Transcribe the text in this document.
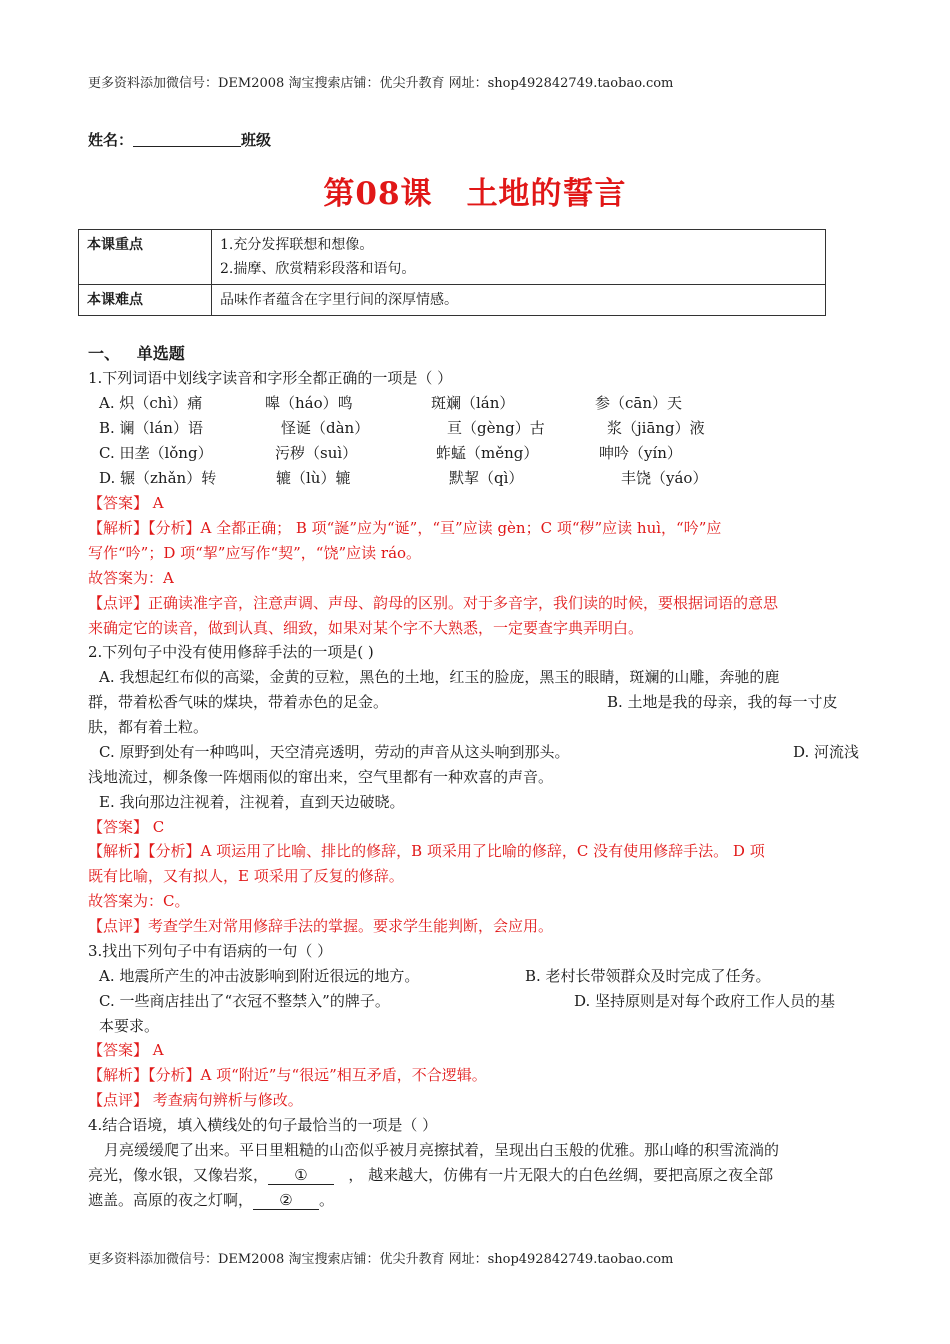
更多资料添加微信号：DEM2008 淘宝搜索店铺：优尖升教育 网址：shop492842749.taobao.com
姓名：	班级
第08课 土地的誓言
本课重点	1.充分发挥联想和想像。
2.揣摩、欣赏精彩段落和语句。

本课难点	品味作者蕴含在字里行间的深厚情感。
一、 单选题
1.下列词语中划线字读音和字形全都正确的一项是（ ）
A. 炽（chì）痛	嗥（háo）鸣	斑斓（lán）	参（cān）天
B. 谰（lán）语	怪诞（dàn）	亘（gèng）古	浆（jiāng）液
C. 田垄（lǒng）	污秽（suì）	蚱蜢（měng）	呻吟（yín）
D. 辗（zhǎn）转	辘（lù）辘	默挈（qì）	丰饶（yáo）
【答案】 A
【解析】【分析】A 全都正确； B 项“誕”应为“诞”，“亘”应读 gèn；C 项“秽”应读 huì，“吟”应
写作“吟”；D 项“挈”应写作“契”，“饶”应读 ráo。
故答案为：A
【点评】正确读准字音，注意声调、声母、韵母的区别。对于多音字，我们读的时候，要根据词语的意思
来确定它的读音，做到认真、细致，如果对某个字不大熟悉，一定要查字典弄明白。
2.下列句子中没有使用修辞手法的一项是( )
A. 我想起红布似的高粱，金黄的豆粒，黑色的土地，红玉的脸庞，黑玉的眼睛，斑斓的山雕，奔驰的鹿
群，带着松香气味的煤块，带着赤色的足金。	B. 土地是我的母亲，我的每一寸皮
肤，都有着土粒。
C. 原野到处有一种鸣叫，天空清亮透明，劳动的声音从这头响到那头。	D. 河流浅
浅地流过，柳条像一阵烟雨似的窜出来，空气里都有一种欢喜的声音。
E. 我向那边注视着，注视着，直到天边破晓。
【答案】 C
【解析】【分析】A 项运用了比喻、排比的修辞，B 项采用了比喻的修辞，C 没有使用修辞手法。 D 项
既有比喻，又有拟人，E 项采用了反复的修辞。
故答案为：C。
【点评】考查学生对常用修辞手法的掌握。要求学生能判断，会应用。
3.找出下列句子中有语病的一句（ ）
A. 地震所产生的冲击波影响到附近很远的地方。	B. 老村长带领群众及时完成了任务。
C. 一些商店挂出了“衣冠不整禁入”的牌子。	D. 坚持原则是对每个政府工作人员的基
本要求。
【答案】 A
【解析】【分析】A 项“附近”与“很远”相互矛盾，不合逻辑。
【点评】 考查病句辨析与修改。
4.结合语境，填入横线处的句子最恰当的一项是（ ）
月亮缓缓爬了出来。平日里粗糙的山峦似乎被月亮擦拭着，呈现出白玉般的优雅。那山峰的积雪流淌的
亮光，像水银，又像岩浆， ①	， 越来越大，仿佛有一片无限大的白色丝绸，要把高原之夜全部
遮盖。高原的夜之灯啊， ② 。
更多资料添加微信号：DEM2008 淘宝搜索店铺：优尖升教育 网址：shop492842749.taobao.com
